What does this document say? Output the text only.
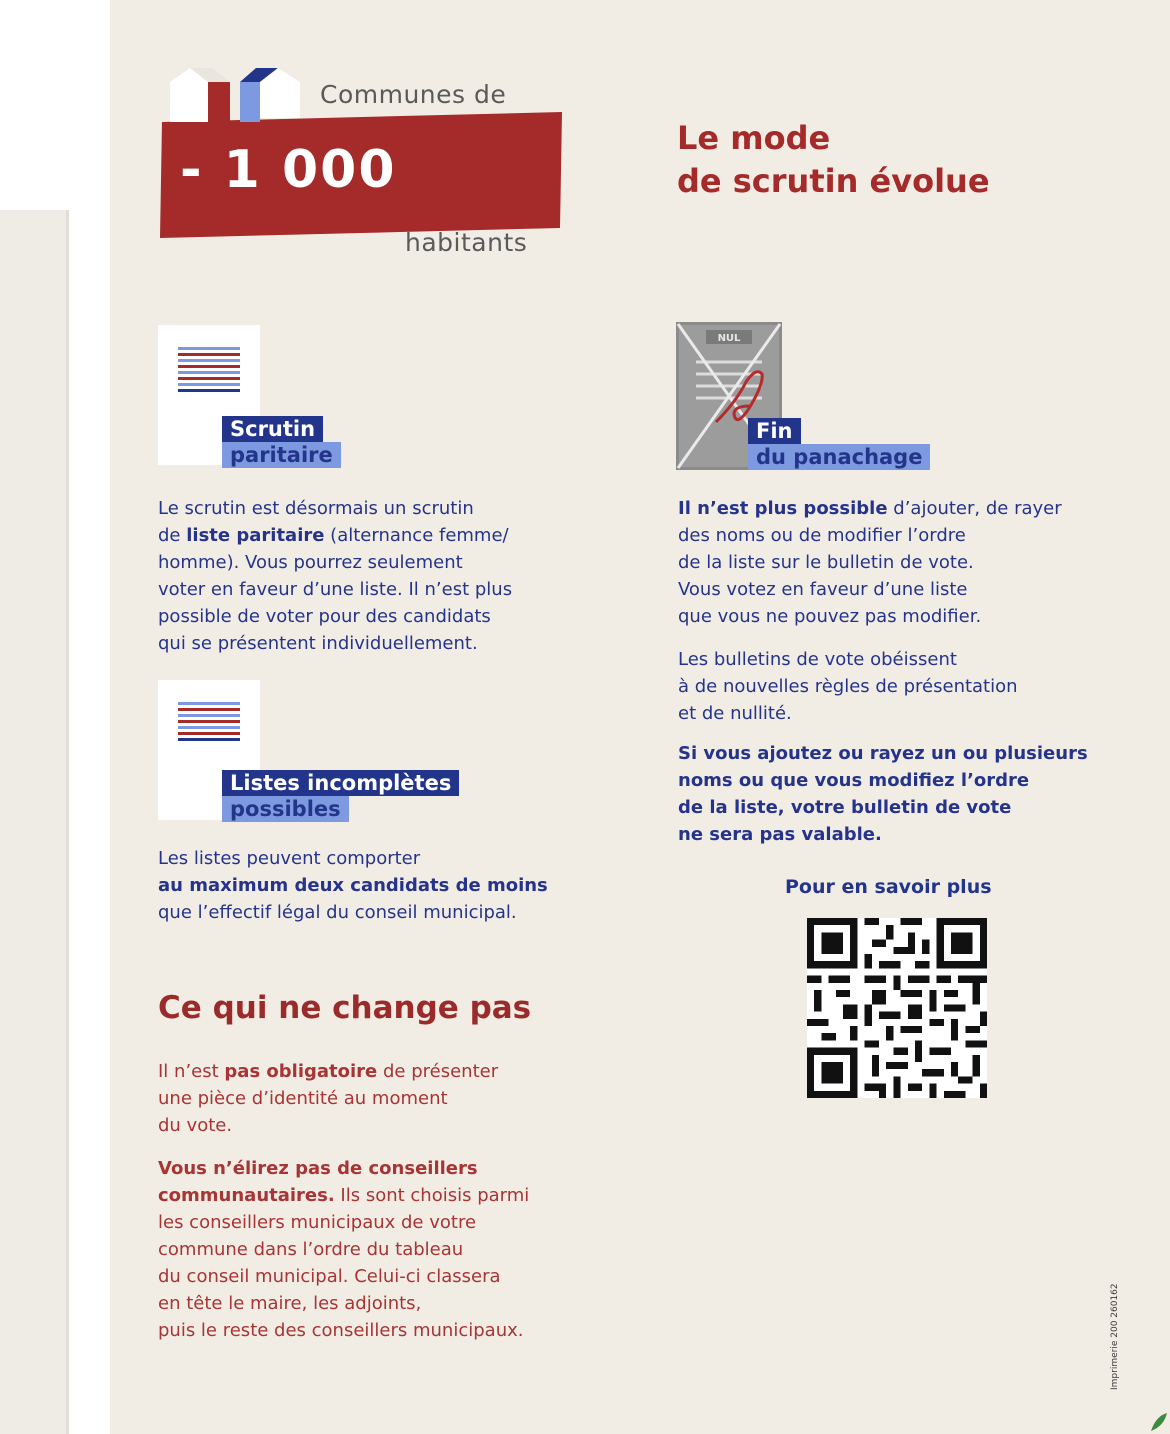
Communes de
- 1 000
habitants
Le mode
de scrutin évolue
Scrutin
paritaire

Le scrutin est désormais un scrutin
de liste paritaire (alternance femme/
homme). Vous pourrez seulement
voter en faveur d’une liste. Il n’est plus
possible de voter pour des candidats
qui se présentent individuellement.

Listes incomplètes
possibles

Les listes peuvent comporter
au maximum deux candidats de moins
que l’effectif légal du conseil municipal.

Ce qui ne change pas

Il n’est pas obligatoire de présenter
une pièce d’identité au moment
du vote.

Vous n’élirez pas de conseillers
communautaires. Ils sont choisis parmi
les conseillers municipaux de votre
commune dans l’ordre du tableau
du conseil municipal. Celui-ci classera
en tête le maire, les adjoints,
puis le reste des conseillers municipaux.

NUL
Fin
du panachage

Il n’est plus possible d’ajouter, de rayer
des noms ou de modifier l’ordre
de la liste sur le bulletin de vote.
Vous votez en faveur d’une liste
que vous ne pouvez pas modifier.

Les bulletins de vote obéissent
à de nouvelles règles de présentation
et de nullité.

Si vous ajoutez ou rayez un ou plusieurs
noms ou que vous modifiez l’ordre
de la liste, votre bulletin de vote
ne sera pas valable.

Pour en savoir plus
Imprimerie 200 260162
